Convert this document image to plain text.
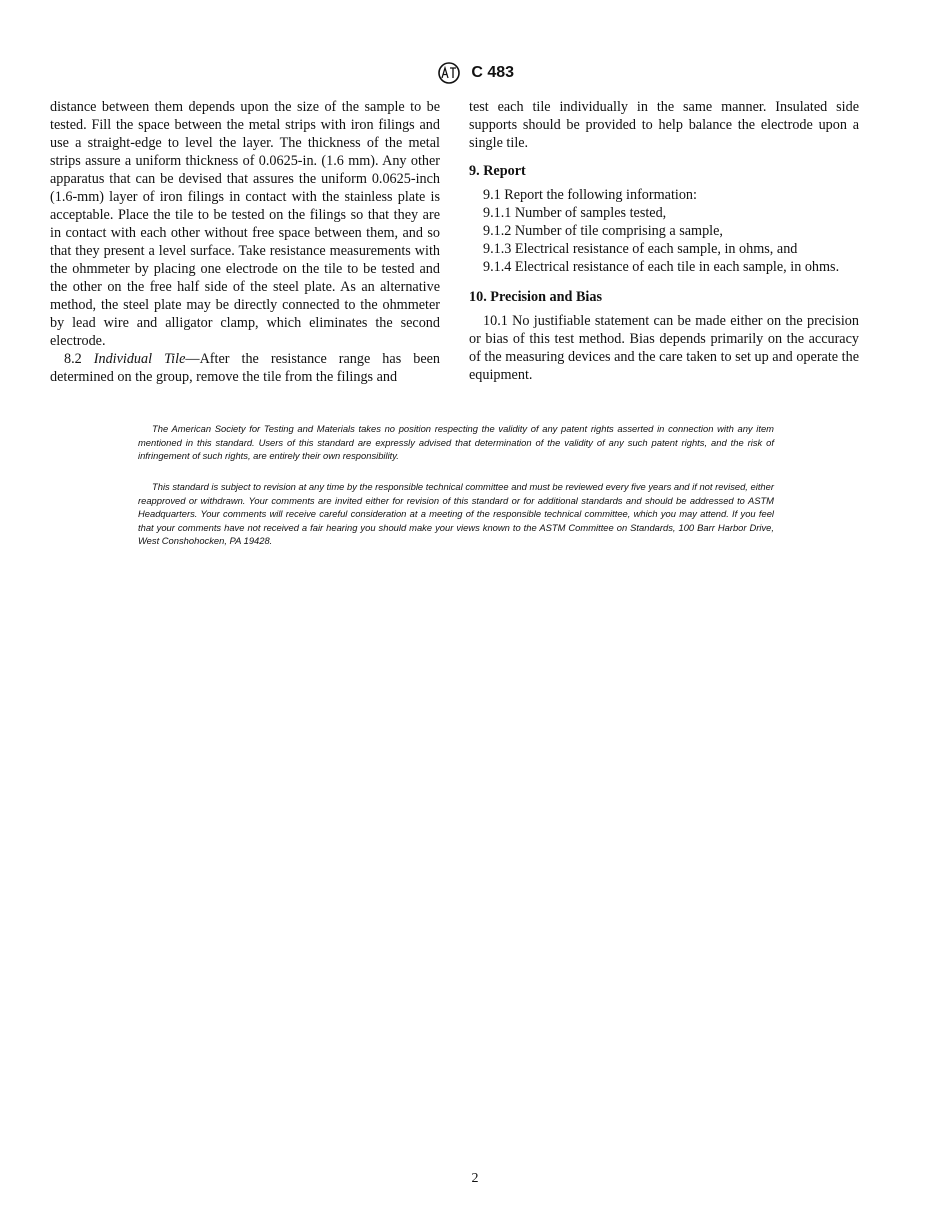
C 483

distance between them depends upon the size of the sample to be tested. Fill the space between the metal strips with iron filings and use a straight-edge to level the layer. The thickness of the metal strips assure a uniform thickness of 0.0625-in. (1.6 mm). Any other apparatus that can be devised that assures the uniform 0.0625-inch (1.6-mm) layer of iron filings in contact with the stainless plate is acceptable. Place the tile to be tested on the filings so that they are in contact with each other without free space between them, and so that they present a level surface. Take resistance measurements with the ohmmeter by placing one electrode on the tile to be tested and the other on the free half side of the steel plate. As an alternative method, the steel plate may be directly connected to the ohmmeter by lead wire and alligator clamp, which eliminates the second electrode.

8.2 Individual Tile—After the resistance range has been determined on the group, remove the tile from the filings and

test each tile individually in the same manner. Insulated side supports should be provided to help balance the electrode upon a single tile.

9. Report

9.1 Report the following information:

9.1.1 Number of samples tested,

9.1.2 Number of tile comprising a sample,

9.1.3 Electrical resistance of each sample, in ohms, and

9.1.4 Electrical resistance of each tile in each sample, in ohms.

10. Precision and Bias

10.1 No justifiable statement can be made either on the precision or bias of this test method. Bias depends primarily on the accuracy of the measuring devices and the care taken to set up and operate the equipment.

The American Society for Testing and Materials takes no position respecting the validity of any patent rights asserted in connection with any item mentioned in this standard. Users of this standard are expressly advised that determination of the validity of any such patent rights, and the risk of infringement of such rights, are entirely their own responsibility.

This standard is subject to revision at any time by the responsible technical committee and must be reviewed every five years and if not revised, either reapproved or withdrawn. Your comments are invited either for revision of this standard or for additional standards and should be addressed to ASTM Headquarters. Your comments will receive careful consideration at a meeting of the responsible technical committee, which you may attend. If you feel that your comments have not received a fair hearing you should make your views known to the ASTM Committee on Standards, 100 Barr Harbor Drive, West Conshohocken, PA 19428.

2
